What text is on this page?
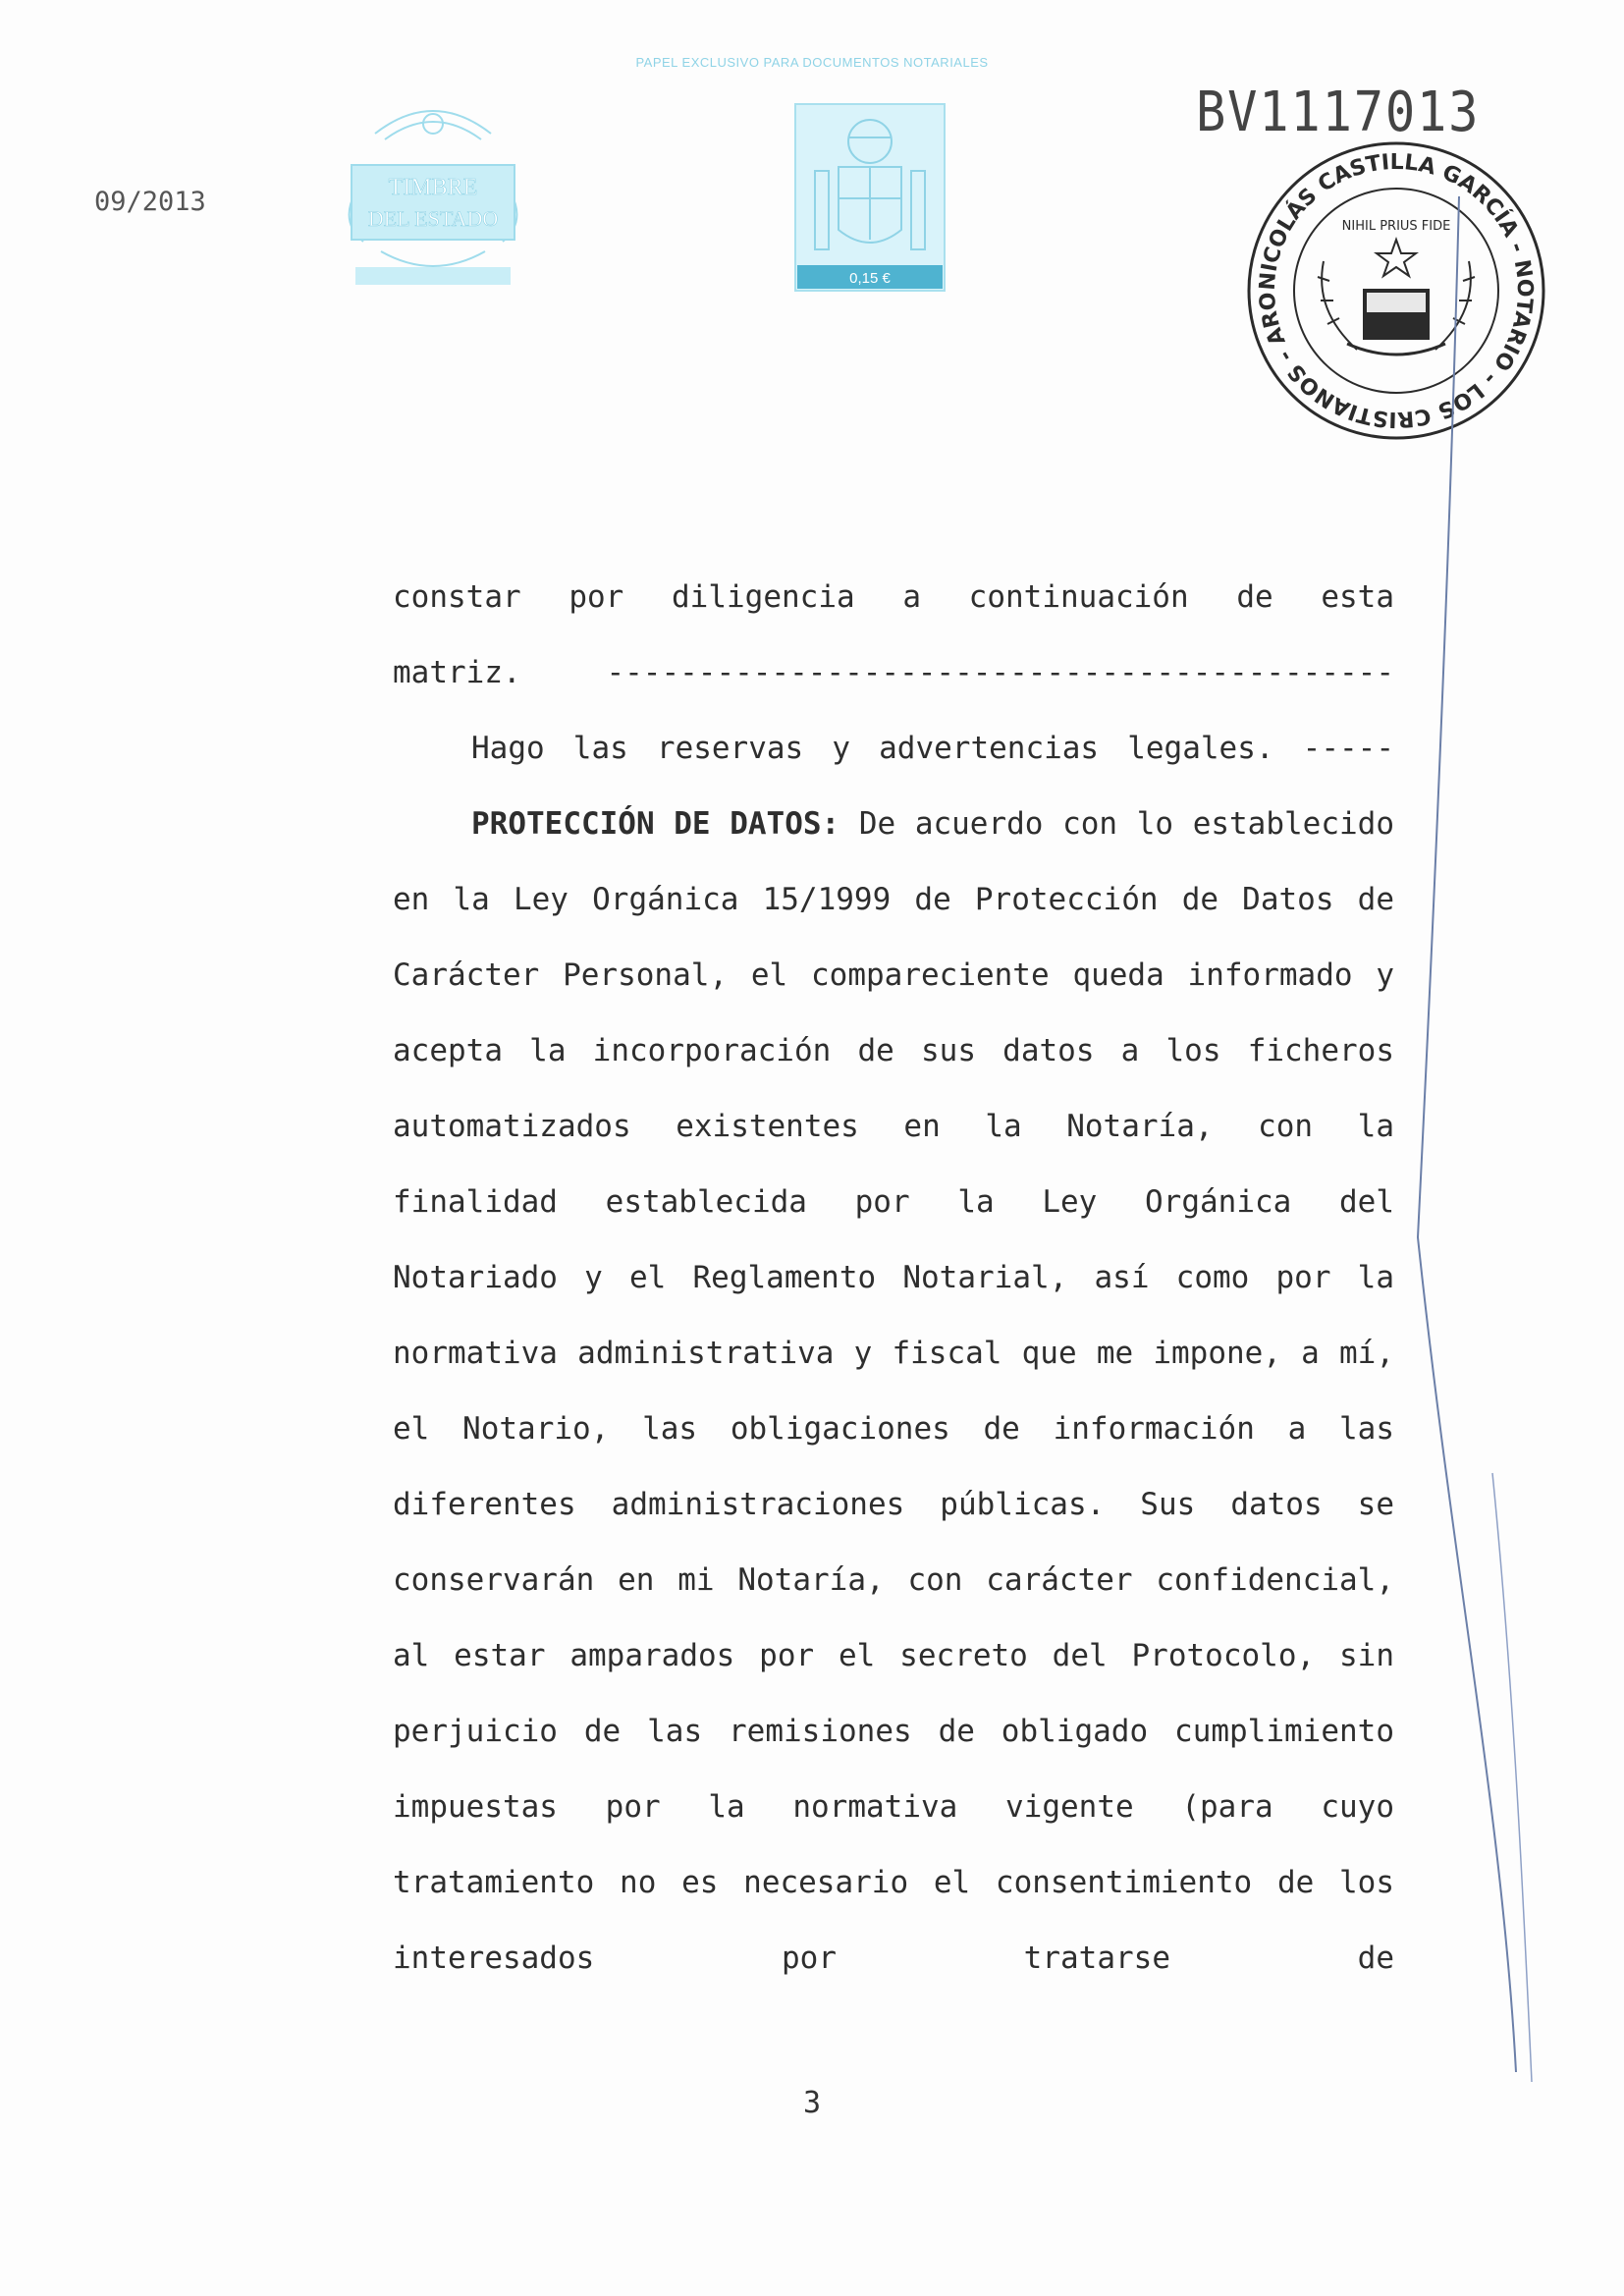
PAPEL EXCLUSIVO PARA DOCUMENTOS NOTARIALES
09/2013	TIMBRE
DEL ESTADO
0,15 €
BV1117013
NICOLÁS CASTILLA GARCÍA - NOTARIO - LOS CRISTIANOS - ARO
NIHIL PRIUS FIDE

constar por diligencia a continuación de esta

matriz. -------------------------------------------

Hago las reservas y advertencias legales. -----

PROTECCIÓN DE DATOS: De acuerdo con lo establecido en la Ley Orgánica 15/1999 de Protección de Datos de Carácter Personal, el compareciente queda informado y acepta la incorporación de sus datos a los ficheros automatizados existentes en la Notaría, con la finalidad establecida por la Ley Orgánica del Notariado y el Reglamento Notarial, así como por la normativa administrativa y fiscal que me impone, a mí, el Notario, las obligaciones de información a las diferentes administraciones públicas. Sus datos se conservarán en mi Notaría, con carácter confidencial, al estar amparados por el secreto del Protocolo, sin perjuicio de las remisiones de obligado cumplimiento impuestas por la normativa vigente (para cuyo tratamiento no es necesario el consentimiento de los interesados por tratarse de

3
